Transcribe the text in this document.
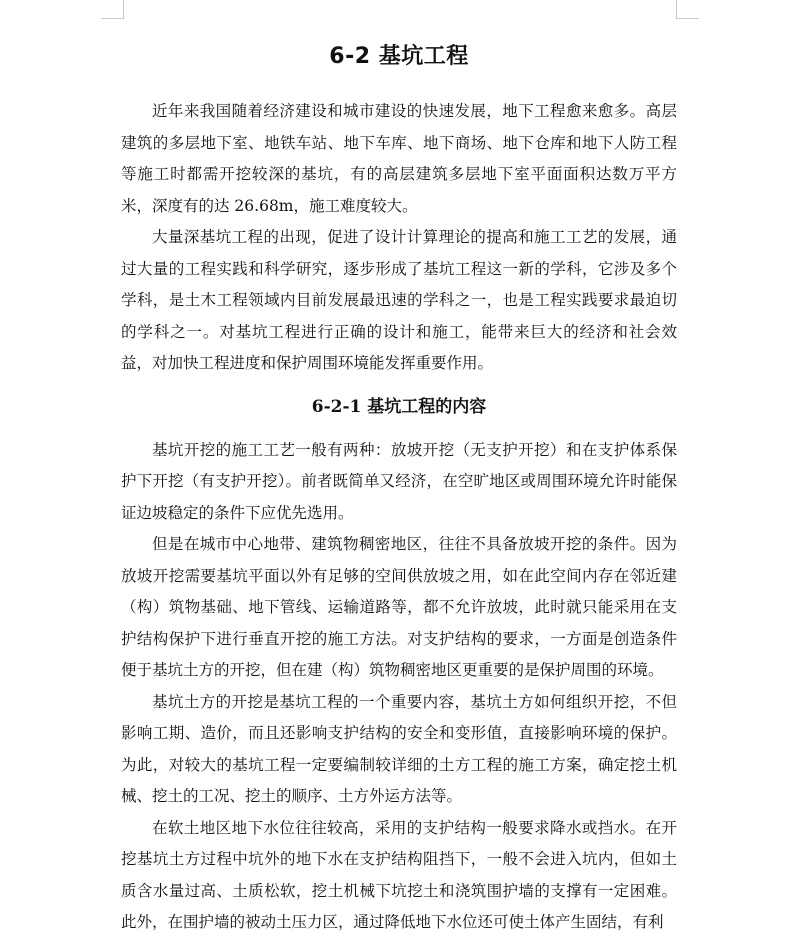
6-2 基坑工程

近年来我国随着经济建设和城市建设的快速发展，地下工程愈来愈多。高层建筑的多层地下室、地铁车站、地下车库、地下商场、地下仓库和地下人防工程等施工时都需开挖较深的基坑，有的高层建筑多层地下室平面面积达数万平方米，深度有的达 26.68m，施工难度较大。

大量深基坑工程的出现，促进了设计计算理论的提高和施工工艺的发展，通过大量的工程实践和科学研究，逐步形成了基坑工程这一新的学科，它涉及多个学科，是土木工程领域内目前发展最迅速的学科之一，也是工程实践要求最迫切的学科之一。对基坑工程进行正确的设计和施工，能带来巨大的经济和社会效益，对加快工程进度和保护周围环境能发挥重要作用。

6-2-1 基坑工程的内容

基坑开挖的施工工艺一般有两种：放坡开挖（无支护开挖）和在支护体系保护下开挖（有支护开挖）。前者既简单又经济，在空旷地区或周围环境允许时能保证边坡稳定的条件下应优先选用。

但是在城市中心地带、建筑物稠密地区，往往不具备放坡开挖的条件。因为放坡开挖需要基坑平面以外有足够的空间供放坡之用，如在此空间内存在邻近建（构）筑物基础、地下管线、运输道路等，都不允许放坡，此时就只能采用在支护结构保护下进行垂直开挖的施工方法。对支护结构的要求，一方面是创造条件便于基坑土方的开挖，但在建（构）筑物稠密地区更重要的是保护周围的环境。

基坑土方的开挖是基坑工程的一个重要内容，基坑土方如何组织开挖，不但影响工期、造价，而且还影响支护结构的安全和变形值，直接影响环境的保护。为此，对较大的基坑工程一定要编制较详细的土方工程的施工方案，确定挖土机械、挖土的工况、挖土的顺序、土方外运方法等。

在软土地区地下水位往往较高，采用的支护结构一般要求降水或挡水。在开挖基坑土方过程中坑外的地下水在支护结构阻挡下，一般不会进入坑内，但如土质含水量过高、土质松软，挖土机械下坑挖土和浇筑围护墙的支撑有一定困难。此外，在围护墙的被动土压力区，通过降低地下水位还可使土体产生固结，有利
